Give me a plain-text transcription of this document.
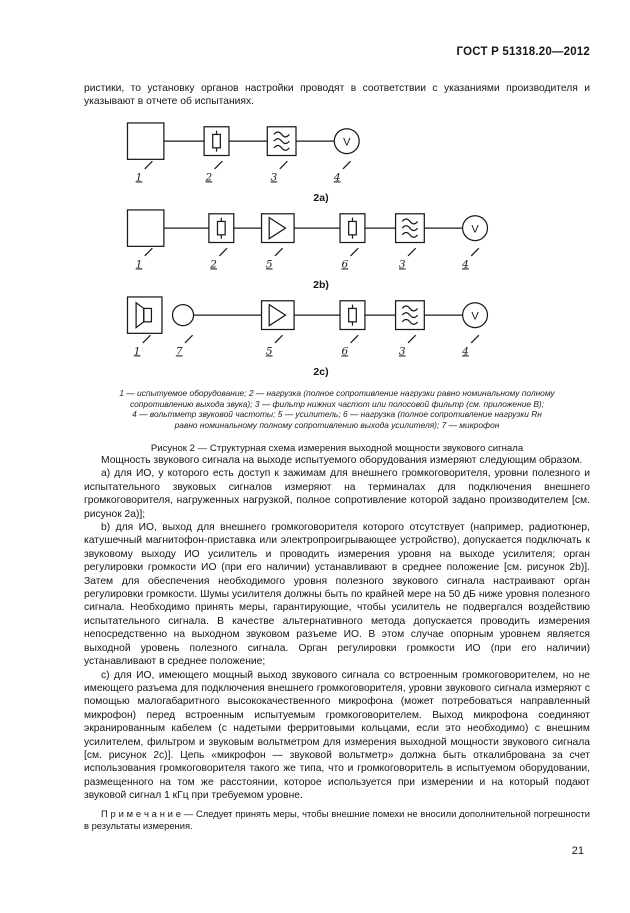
ГОСТ Р 51318.20—2012

ристики, то установку органов настройки проводят в соответствии с указаниями производителя и указывают в отчете об испытаниях.

V
1	2	3	4
2a)
V
1	2	5	6	3	4
2b)
V
1	7	5	6	3	4
2c)
1 — испытуемое оборудование; 2 — нагрузка (полное сопротивление нагрузки равно номинальному полному
сопротивлению выхода звука); 3 — фильтр нижних частот или полосовой фильтр (см. приложение В);
4 — вольтметр звуковой частоты; 5 — усилитель; 6 — нагрузка (полное сопротивление нагрузки Rн
равно номинальному полному сопротивлению выхода усилителя); 7 — микрофон
Рисунок 2 — Структурная схема измерения выходной мощности звукового сигнала

Мощность звукового сигнала на выходе испытуемого оборудования измеряют следующим образом.

а) для ИО, у которого есть доступ к зажимам для внешнего громкоговорителя, уровни полезного и испытательного звуковых сигналов измеряют на терминалах для подключения внешнего громкоговорителя, нагруженных нагрузкой, полное сопротивление которой задано производителем [см. рисунок 2а)];

b) для ИО, выход для внешнего громкоговорителя которого отсутствует (например, радиотюнер, катушечный магнитофон-приставка или электропроигрывающее устройство), допускается подключать к звуковому выходу ИО усилитель и проводить измерения уровня на выходе усилителя; орган регулировки громкости ИО (при его наличии) устанавливают в среднее положение [см. рисунок 2b)]. Затем для обеспечения необходимого уровня полезного звукового сигнала настраивают орган регулировки громкости. Шумы усилителя должны быть по крайней мере на 50 дБ ниже уровня полезного сигнала. Необходимо принять меры, гарантирующие, чтобы усилитель не подвергался воздействию испытательного сигнала. В качестве альтернативного метода допускается проводить измерения непосредственно на выходном звуковом разъеме ИО. В этом случае опорным уровнем является выходной уровень полезного сигнала. Орган регулировки громкости ИО (при его наличии) устанавливают в среднее положение;

с) для ИО, имеющего мощный выход звукового сигнала со встроенным громкоговорителем, но не имеющего разъема для подключения внешнего громкоговорителя, уровни звукового сигнала измеряют с помощью малогабаритного высококачественного микрофона (может потребоваться направленный микрофон) перед встроенным испытуемым громкоговорителем. Выход микрофона соединяют экранированным кабелем (с надетыми ферритовыми кольцами, если это необходимо) с внешним усилителем, фильтром и звуковым вольтметром для измерения выходной мощности звукового сигнала [см. рисунок 2с)]. Цепь «микрофон — звуковой вольтметр» должна быть откалибрована за счет использования громкоговорителя такого же типа, что и громкоговоритель в испытуемом оборудовании, размещенного на том же расстоянии, которое используется при измерении и на который подают звуковой сигнал 1 кГц при требуемом уровне.

П р и м е ч а н и е — Следует принять меры, чтобы внешние помехи не вносили дополнительной погрешности в результаты измерения.

21
